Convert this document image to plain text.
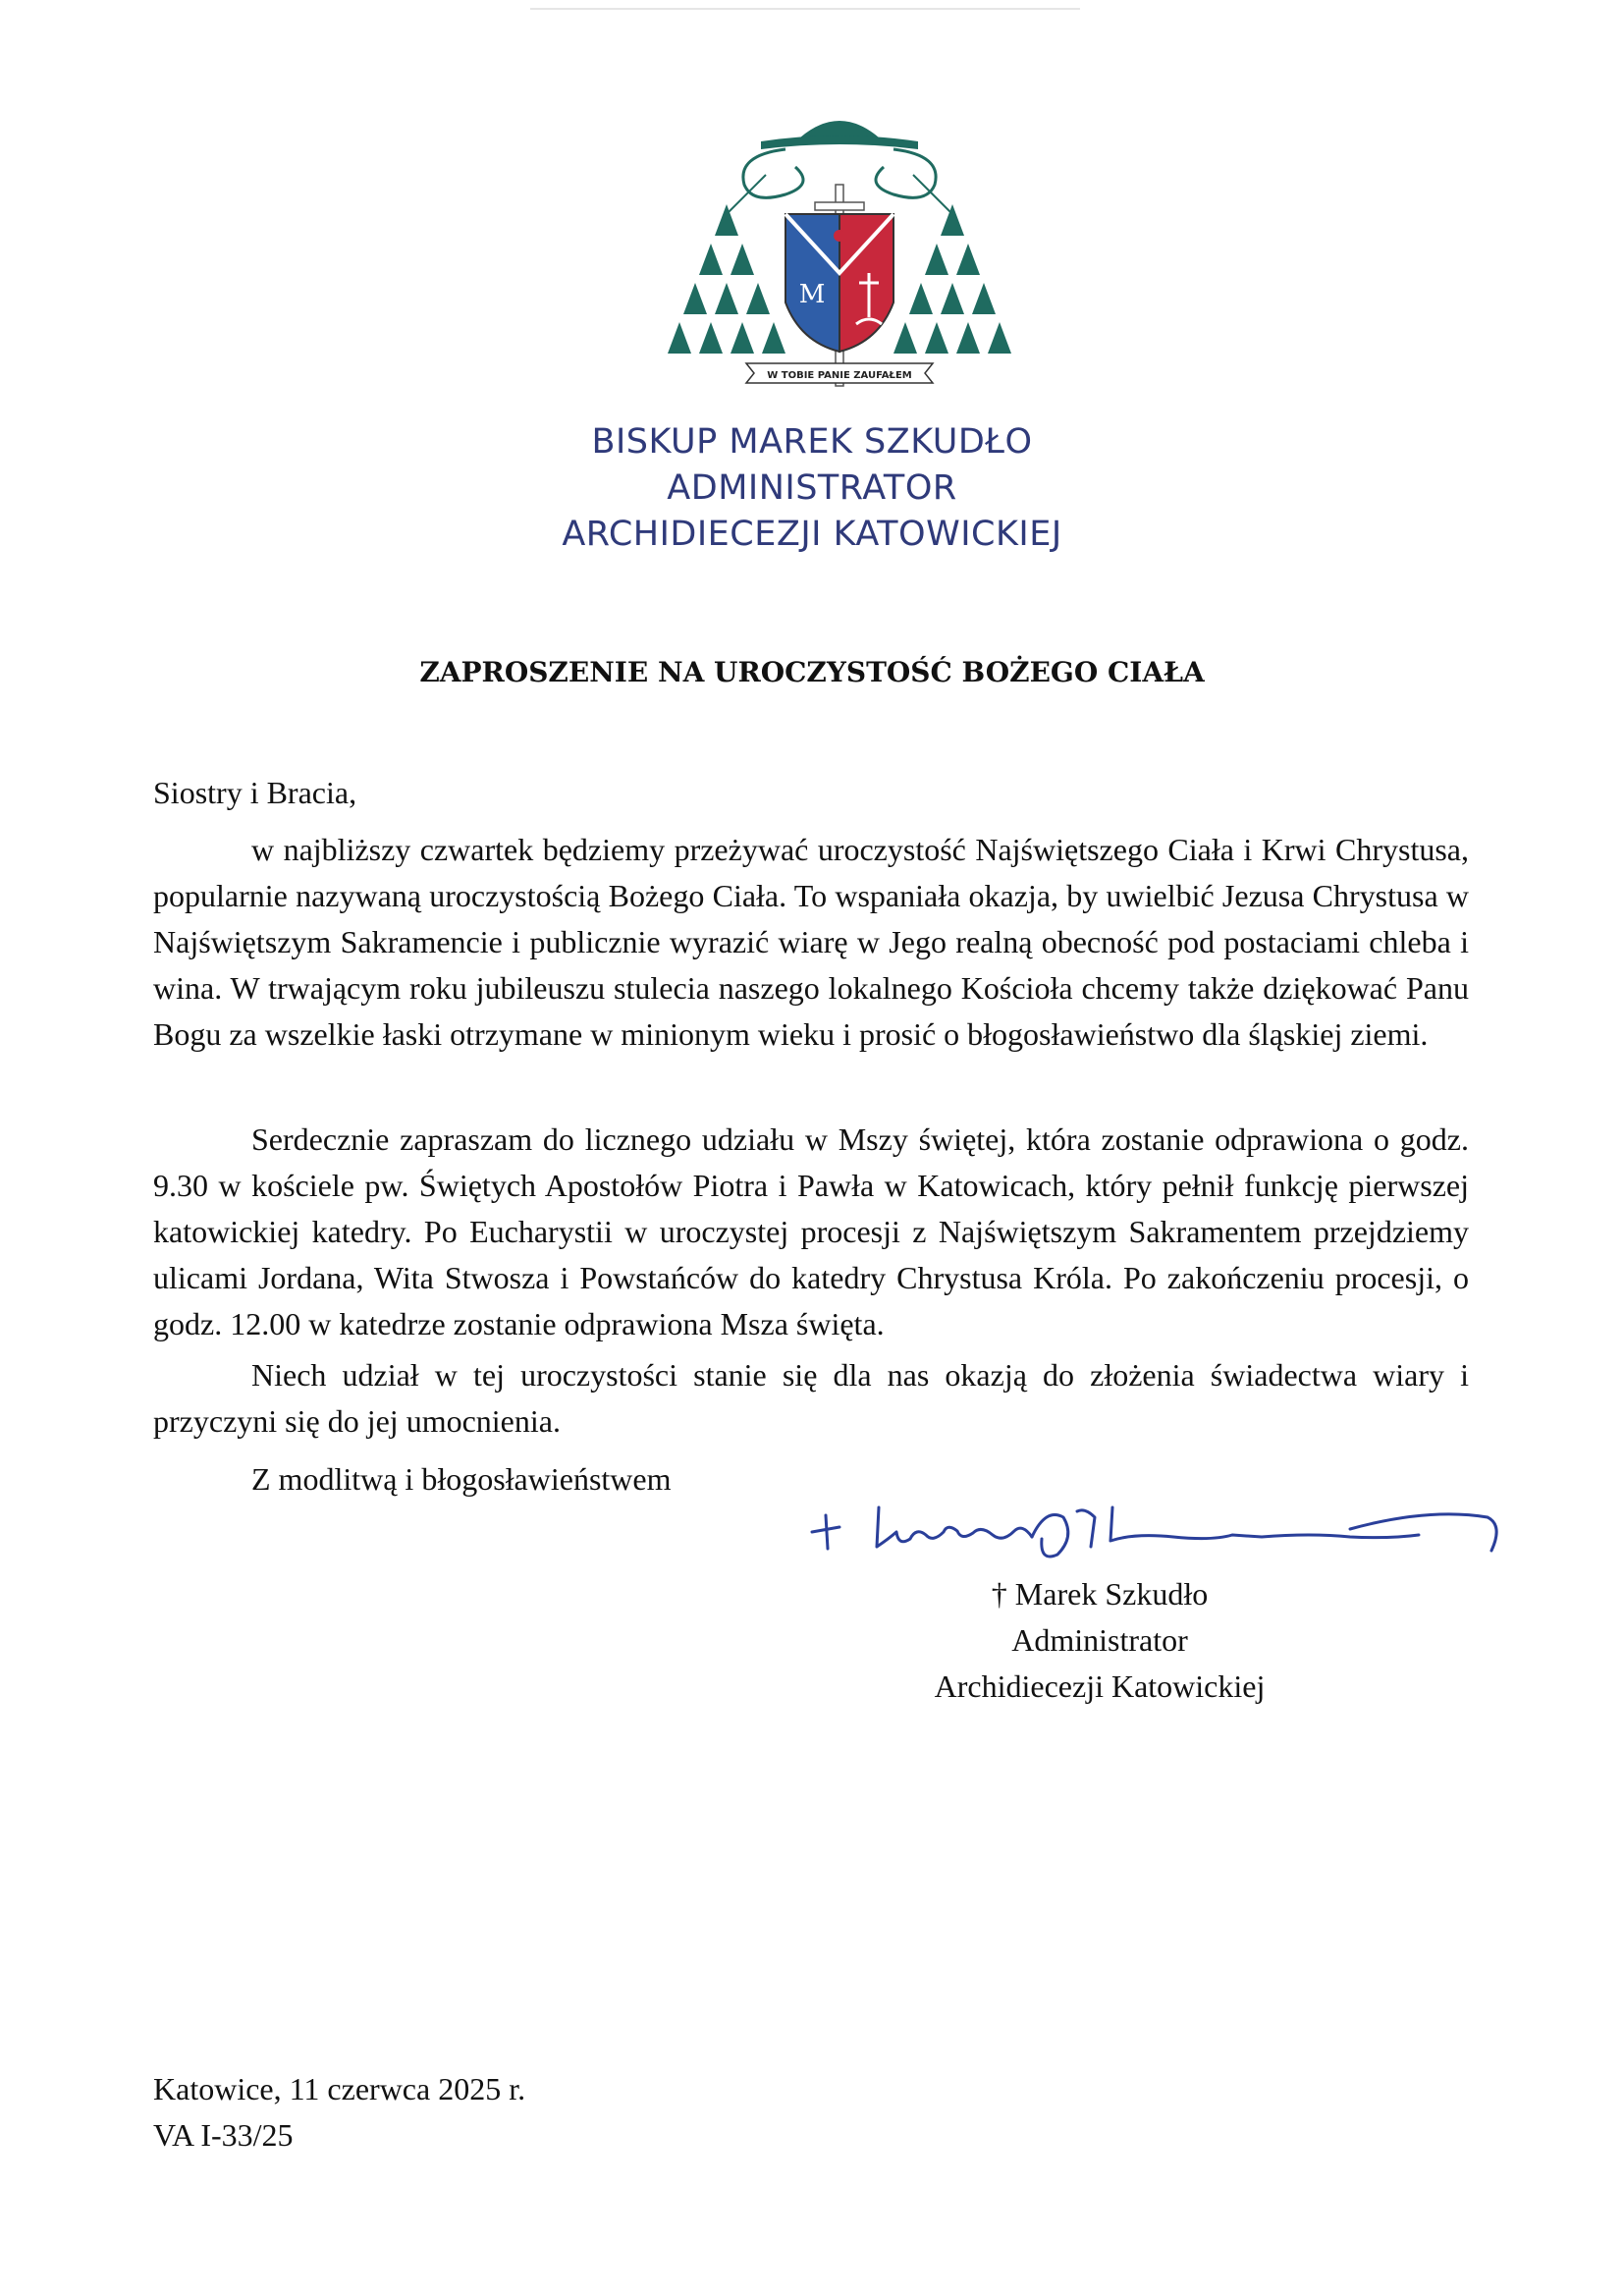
M
W TOBIE PANIE ZAUFAŁEM
BISKUP MAREK SZKUDŁO
ADMINISTRATOR
ARCHIDIECEZJI KATOWICKIEJ
ZAPROSZENIE NA UROCZYSTOŚĆ BOŻEGO CIAŁA
Siostry i Bracia,

w najbliższy czwartek będziemy przeżywać uroczystość Najświętszego Ciała i Krwi Chrystusa, popularnie nazywaną uroczystością Bożego Ciała. To wspaniała okazja, by uwielbić Jezusa Chrystusa w Najświętszym Sakramencie i publicznie wyrazić wiarę w Jego realną obecność pod postaciami chleba i wina. W trwającym roku jubileuszu stulecia naszego lokalnego Kościoła chcemy także dziękować Panu Bogu za wszelkie łaski otrzymane w minionym wieku i prosić o błogosławieństwo dla śląskiej ziemi.

Serdecznie zapraszam do licznego udziału w Mszy świętej, która zostanie odprawiona o godz. 9.30 w kościele pw. Świętych Apostołów Piotra i Pawła w Katowicach, który pełnił funkcję pierwszej katowickiej katedry. Po Eucharystii w uroczystej procesji z Najświętszym Sakramentem przejdziemy ulicami Jordana, Wita Stwosza i Powstańców do katedry Chrystusa Króla. Po zakończeniu procesji, o godz. 12.00 w katedrze zostanie odprawiona Msza święta.

Niech udział w tej uroczystości stanie się dla nas okazją do złożenia świadectwa wiary i przyczyni się do jej umocnienia.

Z modlitwą i błogosławieństwem
† Marek Szkudło
Administrator
Archidiecezji Katowickiej
Katowice, 11 czerwca 2025 r.
VA I-33/25
